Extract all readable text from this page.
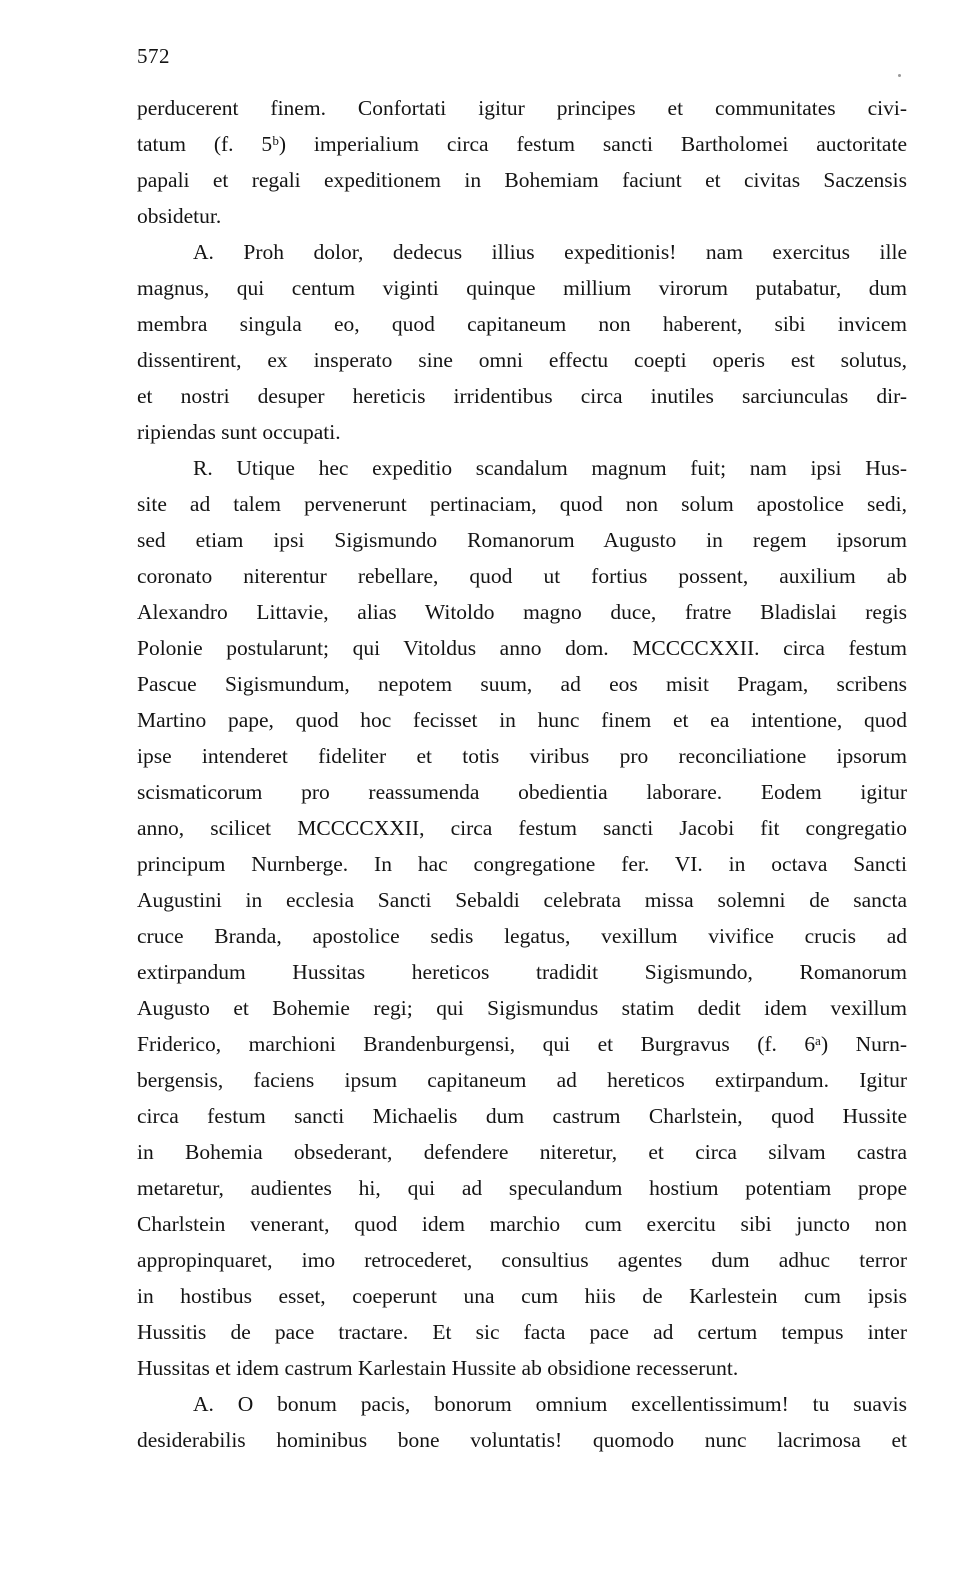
572
perducerent finem. Confortati igitur principes et communitates civi-
tatum (f. 5ᵇ) imperialium circa festum sancti Bartholomei auctoritate
papali et regali expeditionem in Bohemiam faciunt et civitas Saczensis
obsidetur.
A. Proh dolor, dedecus illius expeditionis! nam exercitus ille
magnus, qui centum viginti quinque millium virorum putabatur, dum
membra singula eo, quod capitaneum non haberent, sibi invicem
dissentirent, ex insperato sine omni effectu coepti operis est solutus,
et nostri desuper hereticis irridentibus circa inutiles sarciunculas dir-
ripiendas sunt occupati.
R. Utique hec expeditio scandalum magnum fuit; nam ipsi Hus-
site ad talem pervenerunt pertinaciam, quod non solum apostolice sedi,
sed etiam ipsi Sigismundo Romanorum Augusto in regem ipsorum
coronato niterentur rebellare, quod ut fortius possent, auxilium ab
Alexandro Littavie, alias Witoldo magno duce, fratre Bladislai regis
Polonie postularunt; qui Vitoldus anno dom. MCCCCXXII. circa festum
Pascue Sigismundum, nepotem suum, ad eos misit Pragam, scribens
Martino pape, quod hoc fecisset in hunc finem et ea intentione, quod
ipse intenderet fideliter et totis viribus pro reconciliatione ipsorum
scismaticorum pro reassumenda obedientia laborare. Eodem igitur
anno, scilicet MCCCCXXII, circa festum sancti Jacobi fit congregatio
principum Nurnberge. In hac congregatione fer. VI. in octava Sancti
Augustini in ecclesia Sancti Sebaldi celebrata missa solemni de sancta
cruce Branda, apostolice sedis legatus, vexillum vivifice crucis ad
extirpandum Hussitas hereticos tradidit Sigismundo, Romanorum
Augusto et Bohemie regi; qui Sigismundus statim dedit idem vexillum
Friderico, marchioni Brandenburgensi, qui et Burgravus (f. 6ᵃ) Nurn-
bergensis, faciens ipsum capitaneum ad hereticos extirpandum. Igitur
circa festum sancti Michaelis dum castrum Charlstein, quod Hussite
in Bohemia obsederant, defendere niteretur, et circa silvam castra
metaretur, audientes hi, qui ad speculandum hostium potentiam prope
Charlstein venerant, quod idem marchio cum exercitu sibi juncto non
appropinquaret, imo retrocederet, consultius agentes dum adhuc terror
in hostibus esset, coeperunt una cum hiis de Karlestein cum ipsis
Hussitis de pace tractare. Et sic facta pace ad certum tempus inter
Hussitas et idem castrum Karlestain Hussite ab obsidione recesserunt.
A. O bonum pacis, bonorum omnium excellentissimum! tu suavis
desiderabilis hominibus bone voluntatis! quomodo nunc lacrimosa et
